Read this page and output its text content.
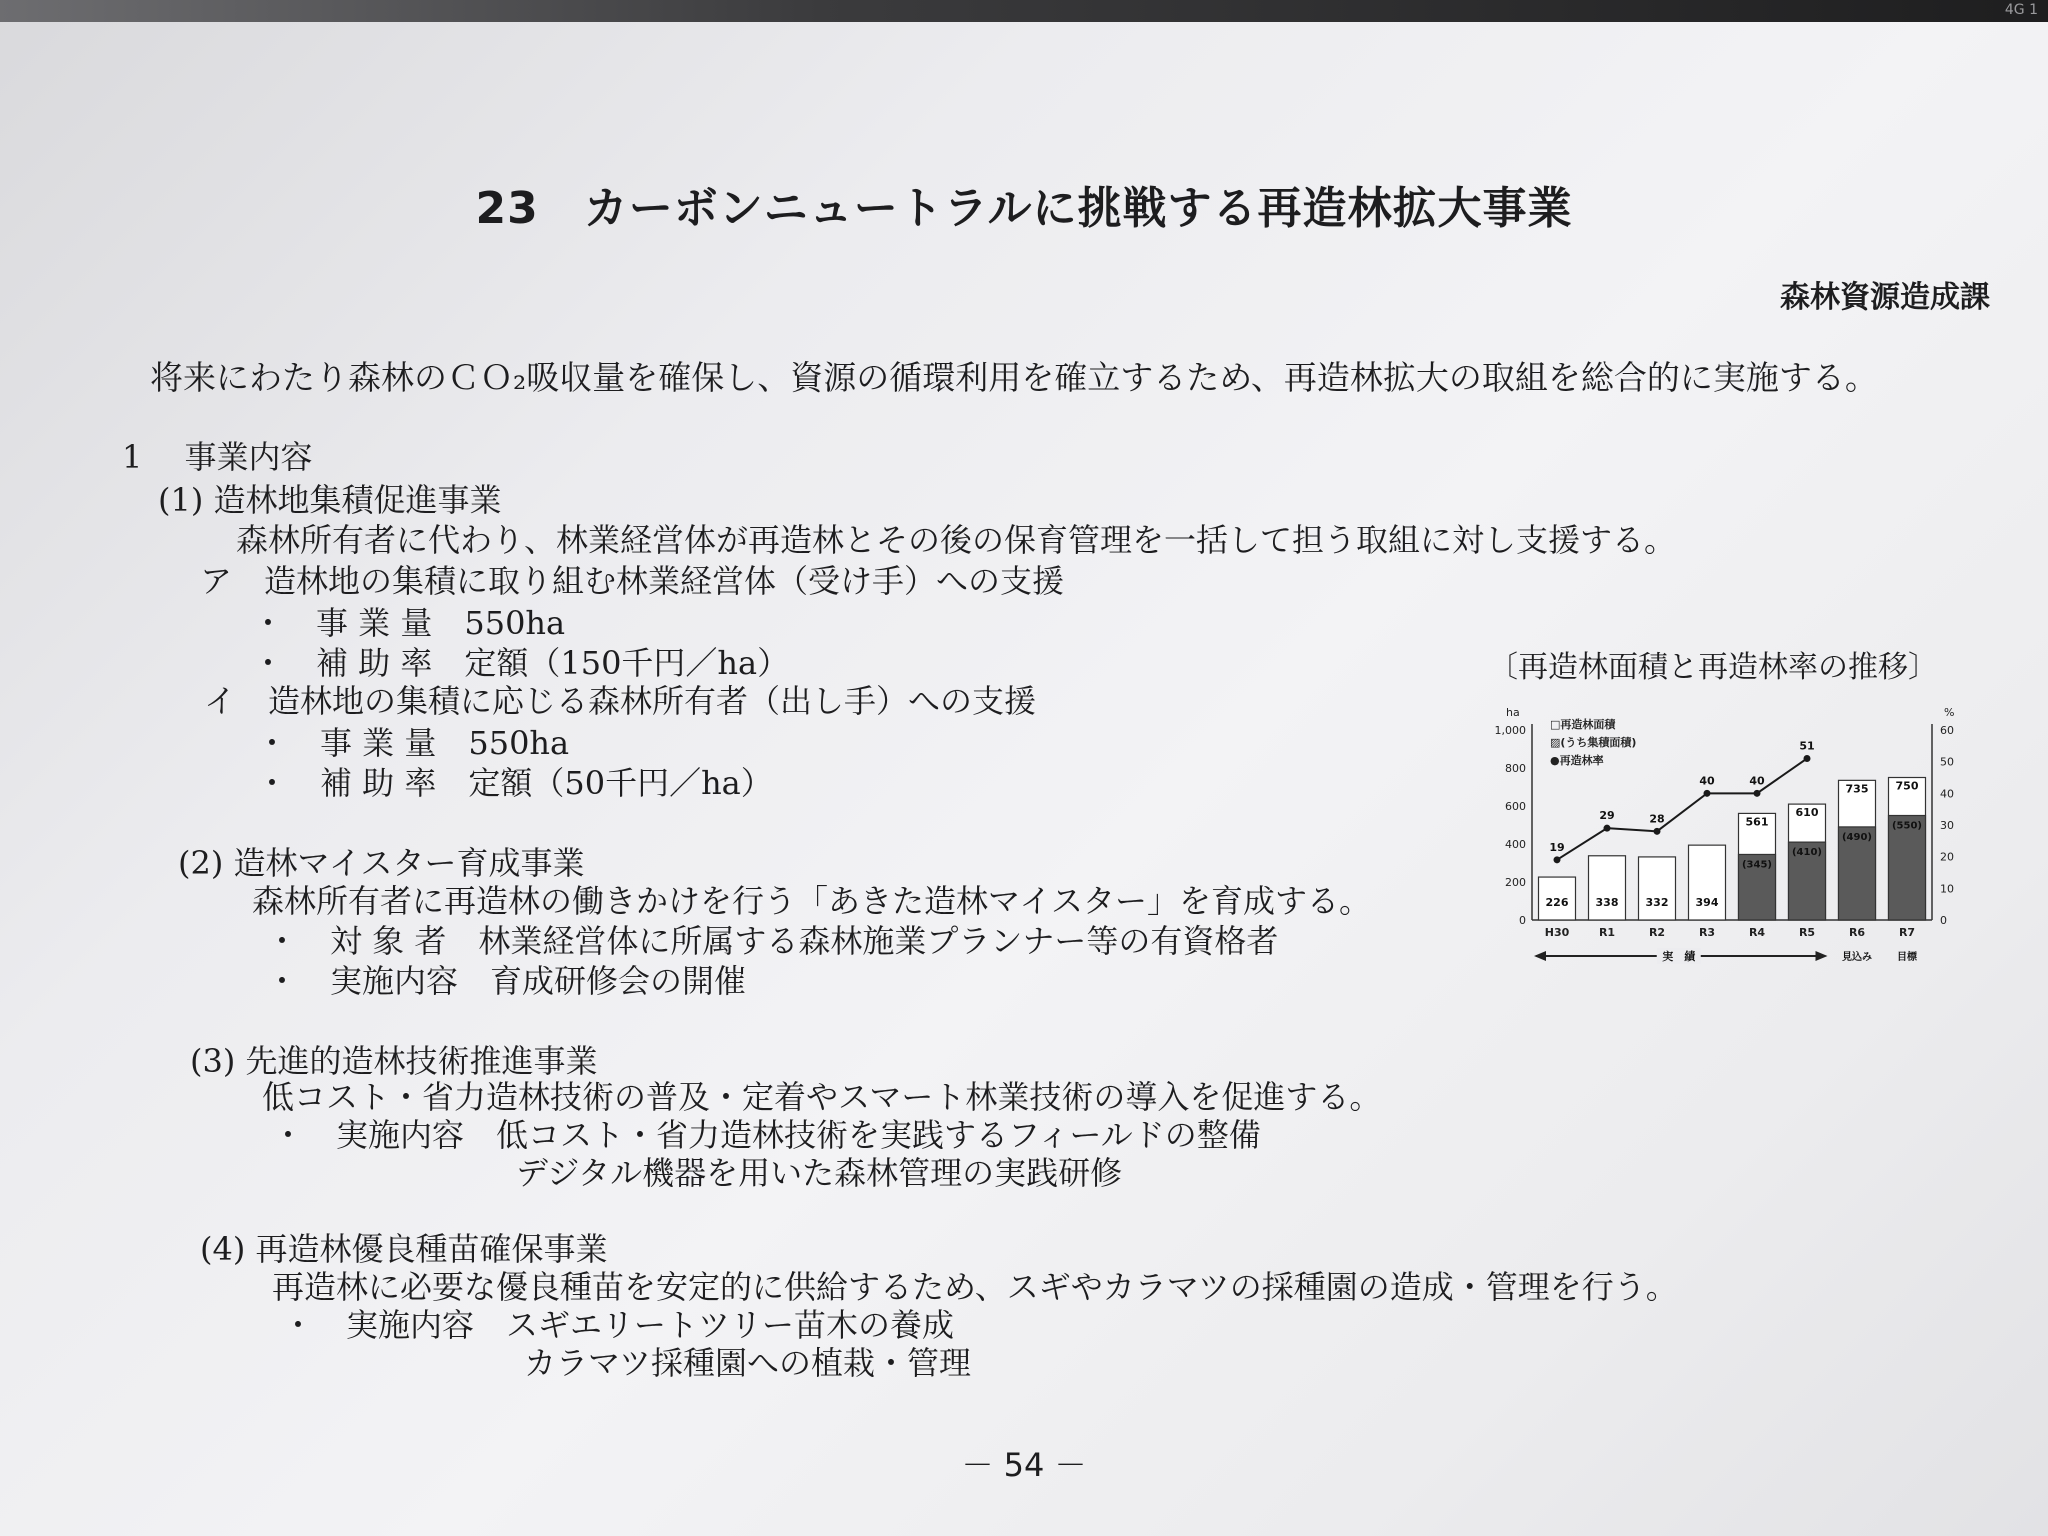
4G 1
23　カーボンニュートラルに挑戦する再造林拡大事業
森林資源造成課
将来にわたり森林のＣＯ₂吸収量を確保し、資源の循環利用を確立するため、再造林拡大の取組を総合的に実施する。
1　 事業内容
(1) 造林地集積促進事業
森林所有者に代わり、林業経営体が再造林とその後の保育管理を一括して担う取組に対し支援する。
ア　造林地の集積に取り組む林業経営体（受け手）への支援
・　事 業 量　550ha
・　補 助 率　定額（150千円／ha）
イ　造林地の集積に応じる森林所有者（出し手）への支援
・　事 業 量　550ha
・　補 助 率　定額（50千円／ha）
(2) 造林マイスター育成事業
森林所有者に再造林の働きかけを行う「あきた造林マイスター」を育成する。
・　対 象 者　林業経営体に所属する森林施業プランナー等の有資格者
・　実施内容　育成研修会の開催
(3) 先進的造林技術推進事業
低コスト・省力造林技術の普及・定着やスマート林業技術の導入を促進する。
・　実施内容　低コスト・省力造林技術を実践するフィールドの整備
デジタル機器を用いた森林管理の実践研修
(4) 再造林優良種苗確保事業
再造林に必要な優良種苗を安定的に供給するため、スギやカラマツの採種園の造成・管理を行う。
・　実施内容　スギエリートツリー苗木の養成
カラマツ採種園への植栽・管理
〔再造林面積と再造林率の推移〕
ha	%
0
200
400
600
800
1,000
0
10
20
30
40
50
60
226
H30
338
R1
332
R2
394
R3
(345)
561
R4
(410)
610
R5
(490)
735
R6
(550)
750
R7
19
29	28
40	40
51
□再造林面積
▨(うち集積面積)
●再造林率
実　績	見込み	目標
－ 54 －
